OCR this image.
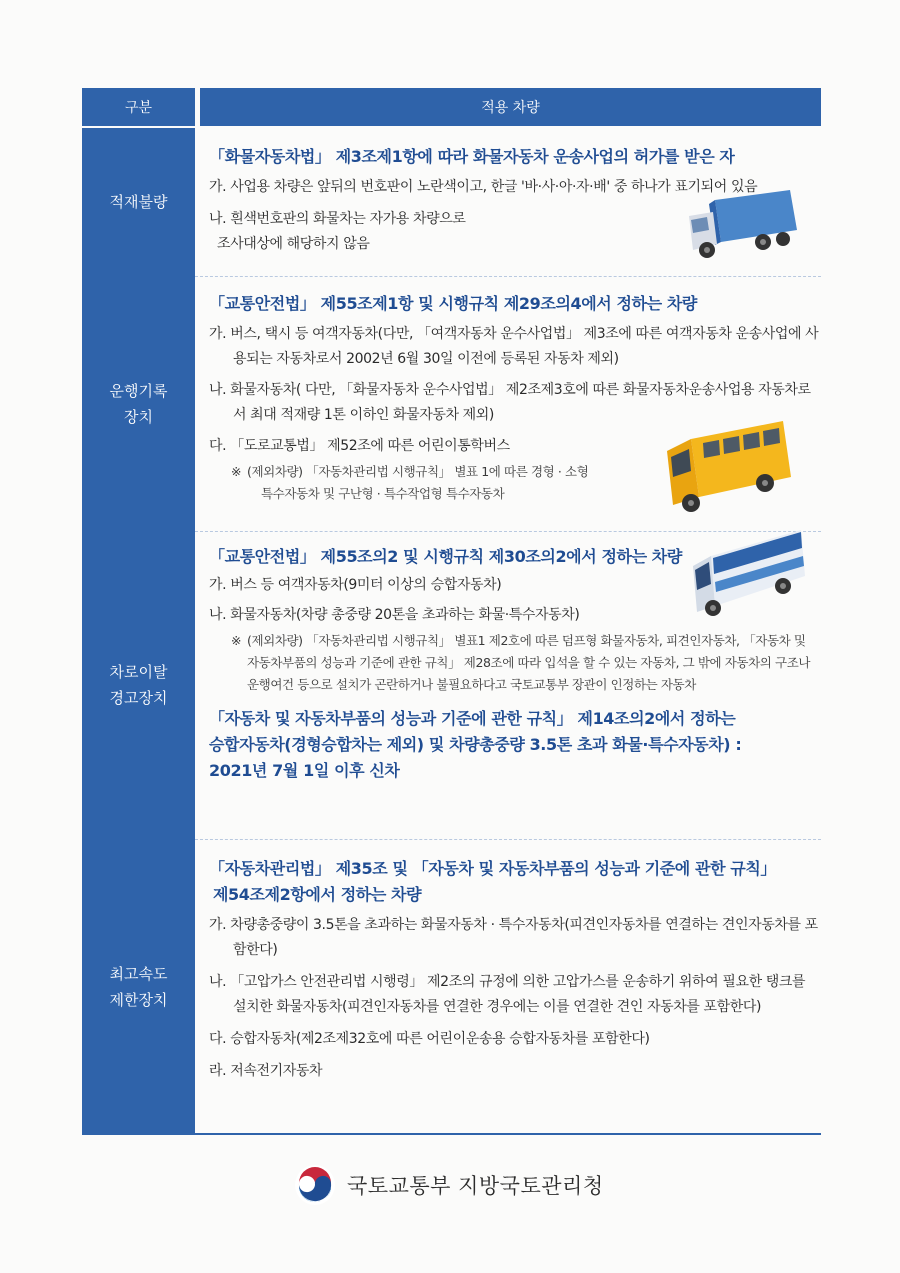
구분	적용 차량
적재불량
「화물자동차법」 제3조제1항에 따라 화물자동차 운송사업의 허가를 받은 자
가. 사업용 차량은 앞뒤의 번호판이 노란색이고, 한글 '바·사·아·자·배' 중 하나가 표기되어 있음
나. 흰색번호판의 화물차는 자가용 차량으로
조사대상에 해당하지 않음
운행기록
장치
「교통안전법」 제55조제1항 및 시행규칙 제29조의4에서 정하는 차량
가. 버스, 택시 등 여객자동차(다만, 「여객자동차 운수사업법」 제3조에 따른 여객자동차 운송사업에 사용되는 자동차로서 2002년 6월 30일 이전에 등록된 자동차 제외)
나. 화물자동차( 다만, 「화물자동차 운수사업법」 제2조제3호에 따른 화물자동차운송사업용 자동차로서 최대 적재량 1톤 이하인 화물자동차 제외)
다. 「도로교통법」 제52조에 따른 어린이통학버스
※ (제외차량) 「자동차관리법 시행규칙」 별표 1에 따른 경형 · 소형
특수자동차 및 구난형 · 특수작업형 특수자동차
차로이탈
경고장치
「교통안전법」 제55조의2 및 시행규칙 제30조의2에서 정하는 차량
가. 버스 등 여객자동차(9미터 이상의 승합자동차)
나. 화물자동차(차량 총중량 20톤을 초과하는 화물·특수자동차)
※ (제외차량) 「자동차관리법 시행규칙」 별표1 제2호에 따른 덤프형 화물자동차, 피견인자동차, 「자동차 및 자동차부품의 성능과 기준에 관한 규칙」 제28조에 따라 입석을 할 수 있는 자동차, 그 밖에 자동차의 구조나 운행여건 등으로 설치가 곤란하거나 불필요하다고 국토교통부 장관이 인정하는 자동차
「자동차 및 자동차부품의 성능과 기준에 관한 규칙」 제14조의2에서 정하는
승합자동차(경형승합차는 제외) 및 차량총중량 3.5톤 초과 화물·특수자동차) :
2021년 7월 1일 이후 신차
최고속도
제한장치
「자동차관리법」 제35조 및 「자동차 및 자동차부품의 성능과 기준에 관한 규칙」
제54조제2항에서 정하는 차량
가. 차량총중량이 3.5톤을 초과하는 화물자동차 · 특수자동차(피견인자동차를 연결하는 견인자동차를 포함한다)
나. 「고압가스 안전관리법 시행령」 제2조의 규정에 의한 고압가스를 운송하기 위하여 필요한 탱크를 설치한 화물자동차(피견인자동차를 연결한 경우에는 이를 연결한 견인 자동차를 포함한다)
다. 승합자동차(제2조제32호에 따른 어린이운송용 승합자동차를 포함한다)
라. 저속전기자동차
국토교통부 지방국토관리청
